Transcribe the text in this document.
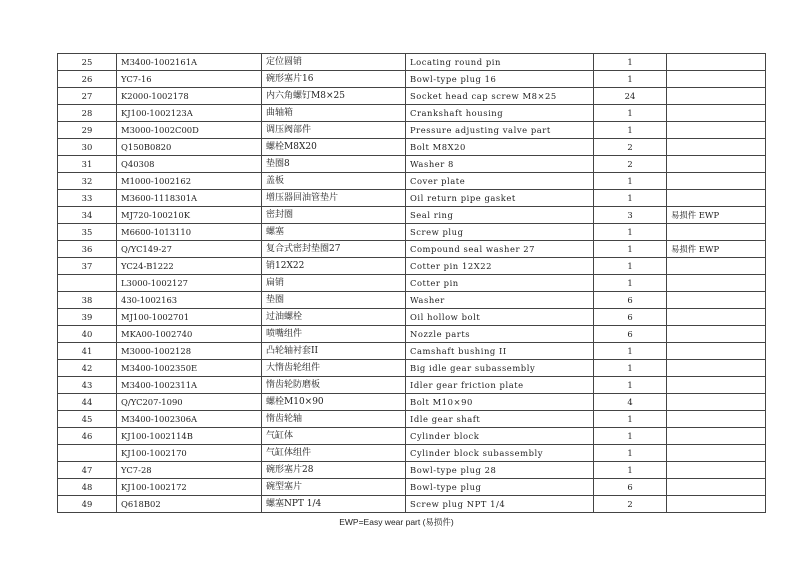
25	M3400-1002161A	定位圆销	Locating round pin	1	
26	YC7-16	碗形塞片16	Bowl-type plug 16	1	
27	K2000-1002178	内六角螺钉M8×25	Socket head cap screw M8×25	24	
28	KJ100-1002123A	曲轴箱	Crankshaft housing	1	
29	M3000-1002C00D	调压阀部件	Pressure adjusting valve part	1	
30	Q150B0820	螺栓M8X20	Bolt M8X20	2	
31	Q40308	垫圈8	Washer 8	2	
32	M1000-1002162	盖板	Cover plate	1	
33	M3600-1118301A	增压器回油管垫片	Oil return pipe gasket	1	
34	MJ720-100210K	密封圈	Seal ring	3	易损件 EWP
35	M6600-1013110	螺塞	Screw plug	1	
36	Q/YC149-27	复合式密封垫圈27	Compound seal washer 27	1	易损件 EWP
37	YC24-B1222	销12X22	Cotter pin 12X22	1	
	L3000-1002127	扁销	Cotter pin	1	
38	430-1002163	垫圈	Washer	6	
39	MJ100-1002701	过油螺栓	Oil hollow bolt	6	
40	MKA00-1002740	喷嘴组件	Nozzle parts	6	
41	M3000-1002128	凸轮轴衬套II	Camshaft bushing II	1	
42	M3400-1002350E	大惰齿轮组件	Big idle gear subassembly	1	
43	M3400-1002311A	惰齿轮防磨板	Idler gear friction plate	1	
44	Q/YC207-1090	螺栓M10×90	Bolt M10×90	4	
45	M3400-1002306A	惰齿轮轴	Idle gear shaft	1	
46	KJ100-1002114B	气缸体	Cylinder block	1	
	KJ100-1002170	气缸体组件	Cylinder block subassembly	1	
47	YC7-28	碗形塞片28	Bowl-type plug 28	1	
48	KJ100-1002172	碗型塞片	Bowl-type plug	6	
49	Q618B02	螺塞NPT 1/4	Screw plug NPT 1/4	2	
EWP=Easy wear part (易损件)
